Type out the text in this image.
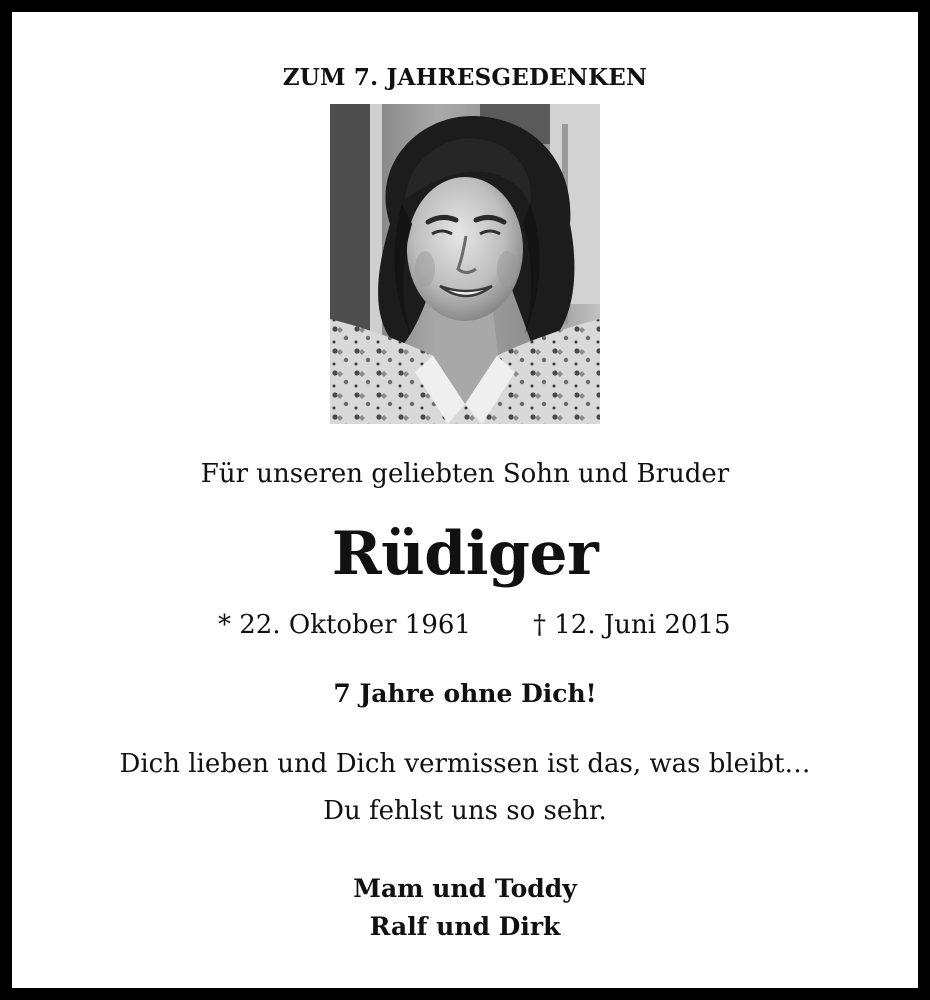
ZUM 7. JAHRESGEDENKEN
Für unseren geliebten Sohn und Bruder
Rüdiger
* 22. Oktober 1961 † 12. Juni 2015
7 Jahre ohne Dich!
Dich lieben und Dich vermissen ist das, was bleibt…
Du fehlst uns so sehr.
Mam und Toddy
Ralf und Dirk
